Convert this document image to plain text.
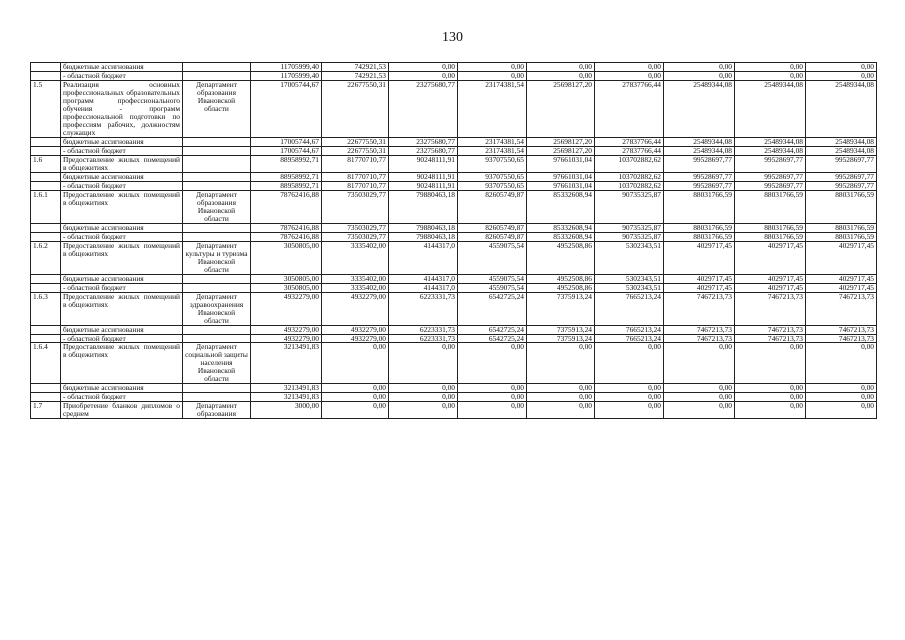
130
	бюджетные ассигнования		11705999,40	742921,53	0,00	0,00	0,00	0,00	0,00	0,00	0,00
	- областной бюджет		11705999,40	742921,53	0,00	0,00	0,00	0,00	0,00	0,00	0,00
1.5	Реализация основных профессиональных образовательных программ профессионального обучения - программ профессиональной подготовки по профессиям рабочих, должностям служащих	Департамент образования Ивановской области	17005744,67	22677550,31	23275680,77	23174381,54	25698127,20	27837766,44	25489344,08	25489344,08	25489344,08
	бюджетные ассигнования		17005744,67	22677550,31	23275680,77	23174381,54	25698127,20	27837766,44	25489344,08	25489344,08	25489344,08
	- областной бюджет		17005744,67	22677550,31	23275680,77	23174381,54	25698127,20	27837766,44	25489344,08	25489344,08	25489344,08
1.6	Предоставление жилых помещений в общежитиях		88958992,71	81770710,77	90248111,91	93707550,65	97661031,04	103702882,62	99528697,77	99528697,77	99528697,77
	бюджетные ассигнования		88958992,71	81770710,77	90248111,91	93707550,65	97661031,04	103702882,62	99528697,77	99528697,77	99528697,77
	- областной бюджет		88958992,71	81770710,77	90248111,91	93707550,65	97661031,04	103702882,62	99528697,77	99528697,77	99528697,77
1.6.1	Предоставление жилых помещений в общежитиях	Департамент образования Ивановской области	78762416,88	73503029,77	79880463,18	82605749,87	85332608,94	90735325,87	88031766,59	88031766,59	88031766,59
	бюджетные ассигнования		78762416,88	73503029,77	79880463,18	82605749,87	85332608,94	90735325,87	88031766,59	88031766,59	88031766,59
	- областной бюджет		78762416,88	73503029,77	79880463,18	82605749,87	85332608,94	90735325,87	88031766,59	88031766,59	88031766,59
1.6.2	Предоставление жилых помещений в общежитиях	Департамент культуры и туризма Ивановской области	3050805,00	3335402,00	4144317,0	4559075,54	4952508,86	5302343,51	4029717,45	4029717,45	4029717,45
	бюджетные ассигнования		3050805,00	3335402,00	4144317,0	4559075,54	4952508,86	5302343,51	4029717,45	4029717,45	4029717,45
	- областной бюджет		3050805,00	3335402,00	4144317,0	4559075,54	4952508,86	5302343,51	4029717,45	4029717,45	4029717,45
1.6.3	Предоставление жилых помещений в общежитиях	Департамент здравоохранения Ивановской области	4932279,00	4932279,00	6223331,73	6542725,24	7375913,24	7665213,24	7467213,73	7467213,73	7467213,73
	бюджетные ассигнования		4932279,00	4932279,00	6223331,73	6542725,24	7375913,24	7665213,24	7467213,73	7467213,73	7467213,73
	- областной бюджет		4932279,00	4932279,00	6223331,73	6542725,24	7375913,24	7665213,24	7467213,73	7467213,73	7467213,73
1.6.4	Предоставление жилых помещений в общежитиях	Департамент социальной защиты населения Ивановской области	3213491,83	0,00	0,00	0,00	0,00	0,00	0,00	0,00	0,00
	бюджетные ассигнования		3213491,83	0,00	0,00	0,00	0,00	0,00	0,00	0,00	0,00
	- областной бюджет		3213491,83	0,00	0,00	0,00	0,00	0,00	0,00	0,00	0,00
1.7	Приобретение бланков дипломов о среднем	Департамент образования	3000,00	0,00	0,00	0,00	0,00	0,00	0,00	0,00	0,00
